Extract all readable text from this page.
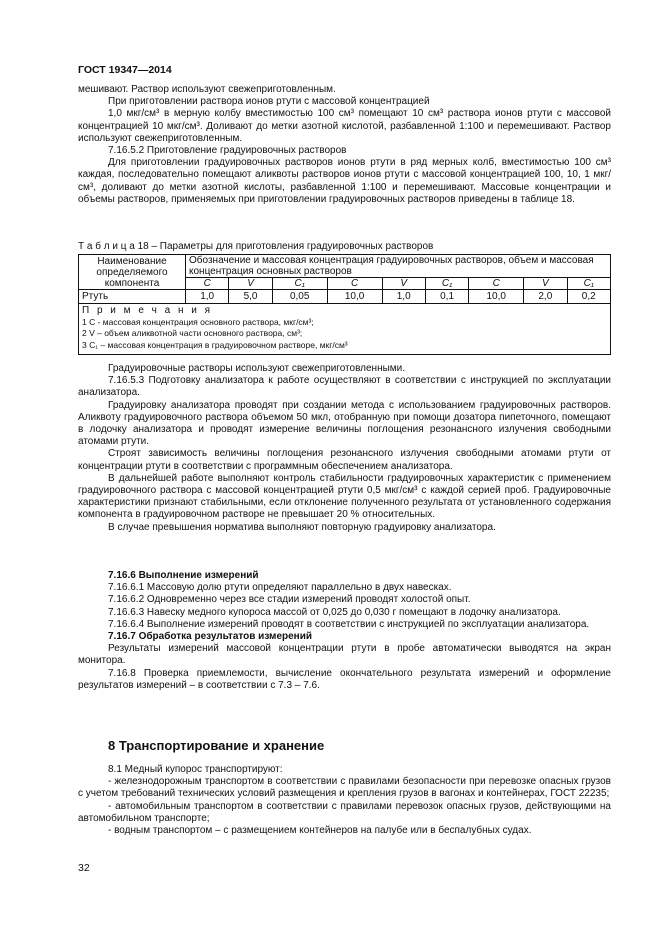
ГОСТ 19347—2014

мешивают. Раствор используют свежеприготовленным.

При приготовлении раствора ионов ртути с массовой концентрацией

1,0 мкг/см³ в мерную колбу вместимостью 100 см³ помещают 10 см³ раствора ионов ртути с массовой концентрацией 10 мкг/см³. Доливают до метки азотной кислотой, разбавленной 1:100 и перемешивают. Раствор используют свежеприготовленным.

7.16.5.2 Приготовление градуировочных растворов

Для приготовлении градуировочных растворов ионов ртути в ряд мерных колб, вместимостью 100 см³ каждая, последовательно помещают аликвоты растворов ионов ртути с массовой концентрацией 100, 10, 1 мкг/см³, доливают до метки азотной кислоты, разбавленной 1:100 и перемешивают. Массовые концентрации и объемы растворов, применяемых при приготовлении градуировочных растворов приведены в таблице 18.

Т а б л и ц а 18 – Параметры для приготовления градуировочных растворов
Наименование определяемого компонента	Обозначение и массовая концентрация градуировочных растворов, объем и массовая концентрация основных растворов								
	C	V	C₁	C	V	C₁	C	V	C₁
Ртуть	1,0	5,0	0,05	10,0	1,0	0,1	10,0	2,0	0,2

П р и м е ч а н и я
1 C - массовая концентрация основного раствора, мкг/см³;
2 V – объем аликвотной части основного раствора, см³;
3 C₁ – массовая концентрация в градуировочном растворе, мкг/см³									

Градуировочные растворы используют свежеприготовленными.

7.16.5.3 Подготовку анализатора к работе осуществляют в соответствии с инструкцией по эксплуатации анализатора.

Градуировку анализатора проводят при создании метода с использованием градуировочных растворов. Аликвоту градуировочного раствора объемом 50 мкл, отобранную при помощи дозатора пипеточного, помещают в лодочку анализатора и проводят измерение величины поглощения резонансного излучения свободными атомами ртути.

Строят зависимость величины поглощения резонансного излучения свободными атомами ртути от концентрации ртути в соответствии с программным обеспечением анализатора.

В дальнейшей работе выполняют контроль стабильности градуировочных характеристик с применением градуировочного раствора с массовой концентрацией ртути 0,5 мкг/см³ с каждой серией проб. Градуировочные характеристики признают стабильными, если отклонение полученного результата от установленного содержания компонента в градуировочном растворе не превышает 20 % относительных.

В случае превышения норматива выполняют повторную градуировку анализатора.

7.16.6 Выполнение измерений

7.16.6.1 Массовую долю ртути определяют параллельно в двух навесках.

7.16.6.2 Одновременно через все стадии измерений проводят холостой опыт.

7.16.6.3 Навеску медного купороса массой от 0,025 до 0,030 г помещают в лодочку анализатора.

7.16.6.4 Выполнение измерений проводят в соответствии с инструкцией по эксплуатации анализатора.

7.16.7 Обработка результатов измерений

Результаты измерений массовой концентрации ртути в пробе автоматически выводятся на экран монитора.

7.16.8 Проверка приемлемости, вычисление окончательного результата измерений и оформление результатов измерений – в соответствии с 7.3 – 7.6.

8 Транспортирование и хранение

8.1 Медный купорос транспортируют:

- железнодорожным транспортом в соответствии с правилами безопасности при перевозке опасных грузов с учетом требований технических условий размещения и крепления грузов в вагонах и контейнерах, ГОСТ 22235;

- автомобильным транспортом в соответствии с правилами перевозок опасных грузов, действующими на автомобильном транспорте;

- водным транспортом – с размещением контейнеров на палубе или в беспалубных судах.

32
